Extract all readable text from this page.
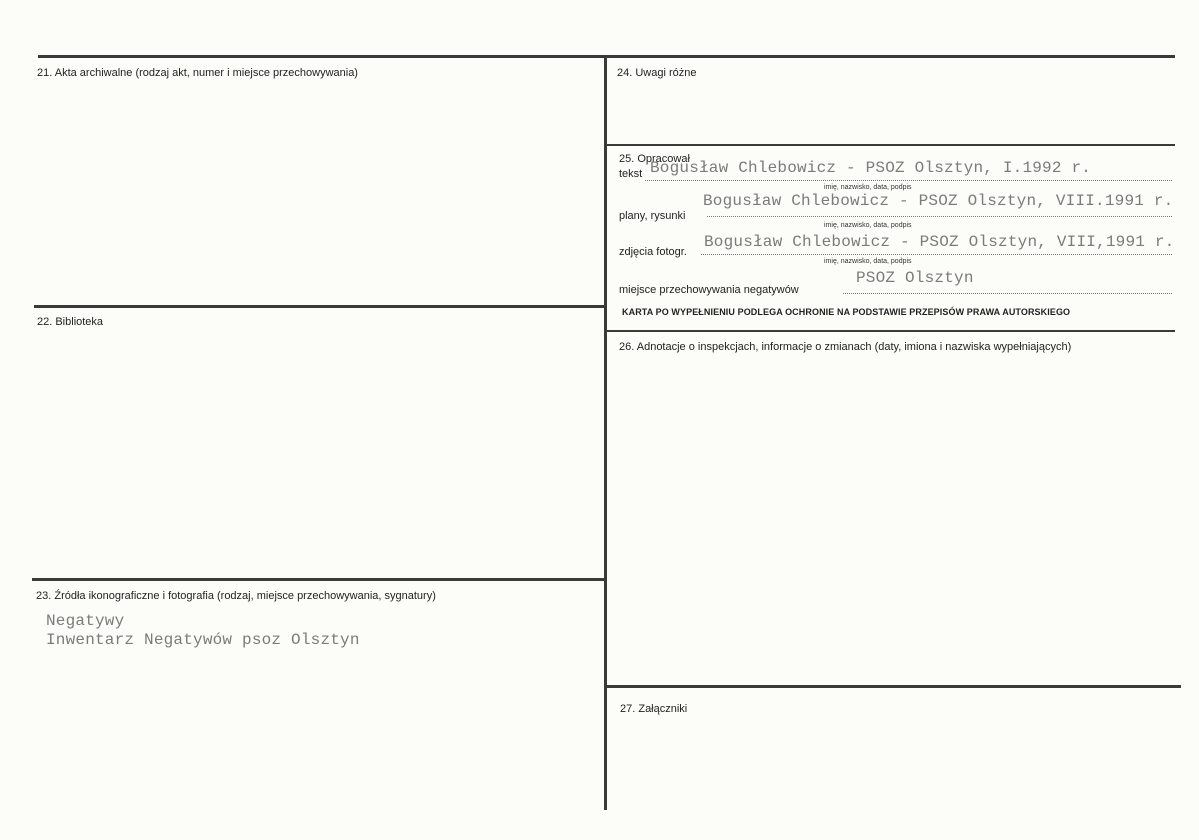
21. Akta archiwalne (rodzaj akt, numer i miejsce przechowywania)
22. Biblioteka
23. Źródła ikonograficzne i fotografia (rodzaj, miejsce przechowywania, sygnatury)
Negatywy
Inwentarz Negatywów psoz Olsztyn
24. Uwagi różne
25. Opracował
tekst Bogusław Chlebowicz - PSOZ Olsztyn, I.1992 r.
imię, nazwisko, data, podpis
plany, rysunki
Bogusław Chlebowicz - PSOZ Olsztyn, VIII.1991 r.
imię, nazwisko, data, podpis
zdjęcia fotogr.
Bogusław Chlebowicz - PSOZ Olsztyn, VIII,1991 r.
imię, nazwisko, data, podpis
miejsce przechowywania negatywów
PSOZ Olsztyn
KARTA PO WYPEŁNIENIU PODLEGA OCHRONIE NA PODSTAWIE PRZEPISÓW PRAWA AUTORSKIEGO
26. Adnotacje o inspekcjach, informacje o zmianach (daty, imiona i nazwiska wypełniających)
27. Załączniki
